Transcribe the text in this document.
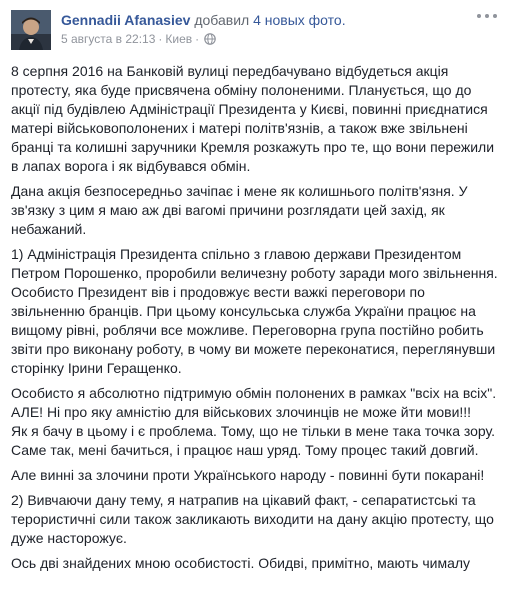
Gennadii Afanasiev добавил 4 новых фото.
5 августа в 22:13 · Киев ·

8 серпня 2016 на Банковій вулиці передбачувано відбудеться акція протесту, яка буде присвячена обміну полоненими. Планується, що до акції під будівлею Адміністрації Президента у Києві, повинні приєднатися матері військовополонених і матері політв'язнів, а також вже звільнені бранці та колишні заручники Кремля розкажуть про те, що вони пережили в лапах ворога і як відбувався обмін.

Дана акція безпосередньо зачіпає і мене як колишнього політв'язня. У зв'язку з цим я маю аж дві вагомі причини розглядати цей захід, як небажаний.

1) Адміністрація Президента спільно з главою держави Президентом Петром Порошенко, проробили величезну роботу заради мого звільнення. Особисто Президент вів і продовжує вести важкі переговори по звільненню бранців. При цьому консульська служба України працює на вищому рівні, роблячи все можливе. Переговорна група постійно робить звіти про виконану роботу, в чому ви можете переконатися, переглянувши сторінку Ірини Геращенко.

Особисто я абсолютно підтримую обмін полонених в рамках "всіх на всіх". АЛЕ! Ні про яку амністію для військових злочинців не може йти мови!!!

Як я бачу в цьому і є проблема. Тому, що не тільки в мене така точка зору. Саме так, мені бачиться, і працює наш уряд. Тому процес такий довгий.

Але винні за злочини проти Українського народу - повинні бути покарані!

2) Вивчаючи дану тему, я натрапив на цікавий факт, - сепаратистські та терористичні сили також закликають виходити на дану акцію протесту, що дуже насторожує.

Ось дві знайдених мною особистості. Обидві, примітно, мають чималу
